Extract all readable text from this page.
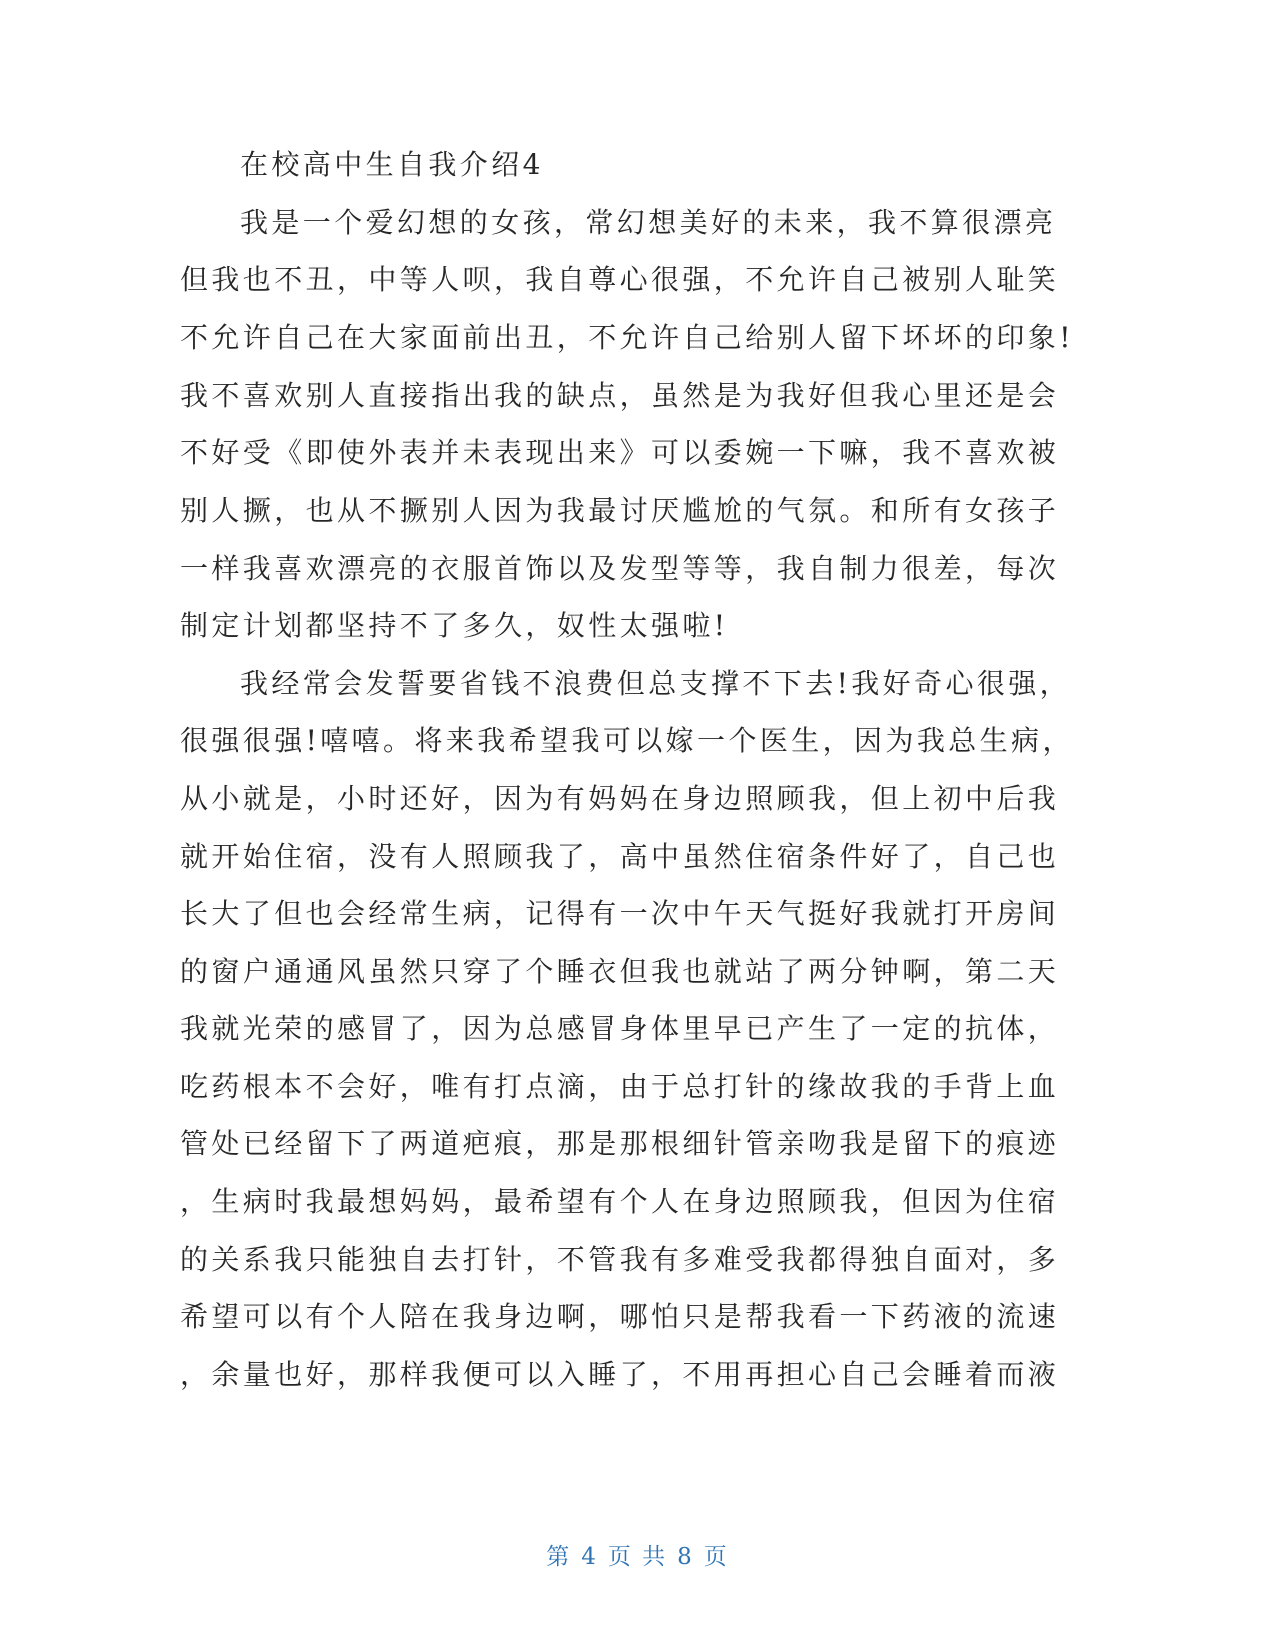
在校高中生自我介绍4
我是一个爱幻想的女孩，常幻想美好的未来，我不算很漂亮
但我也不丑，中等人呗，我自尊心很强，不允许自己被别人耻笑
不允许自己在大家面前出丑，不允许自己给别人留下坏坏的印象!
我不喜欢别人直接指出我的缺点，虽然是为我好但我心里还是会
不好受《即使外表并未表现出来》可以委婉一下嘛，我不喜欢被
别人撅，也从不撅别人因为我最讨厌尴尬的气氛。和所有女孩子
一样我喜欢漂亮的衣服首饰以及发型等等，我自制力很差，每次
制定计划都坚持不了多久，奴性太强啦!
我经常会发誓要省钱不浪费但总支撑不下去!我好奇心很强，
很强很强!嘻嘻。将来我希望我可以嫁一个医生，因为我总生病，
从小就是，小时还好，因为有妈妈在身边照顾我，但上初中后我
就开始住宿，没有人照顾我了，高中虽然住宿条件好了，自己也
长大了但也会经常生病，记得有一次中午天气挺好我就打开房间
的窗户通通风虽然只穿了个睡衣但我也就站了两分钟啊，第二天
我就光荣的感冒了，因为总感冒身体里早已产生了一定的抗体，
吃药根本不会好，唯有打点滴，由于总打针的缘故我的手背上血
管处已经留下了两道疤痕，那是那根细针管亲吻我是留下的痕迹
，生病时我最想妈妈，最希望有个人在身边照顾我，但因为住宿
的关系我只能独自去打针，不管我有多难受我都得独自面对，多
希望可以有个人陪在我身边啊，哪怕只是帮我看一下药液的流速
，余量也好，那样我便可以入睡了，不用再担心自己会睡着而液
第 4 页 共 8 页
